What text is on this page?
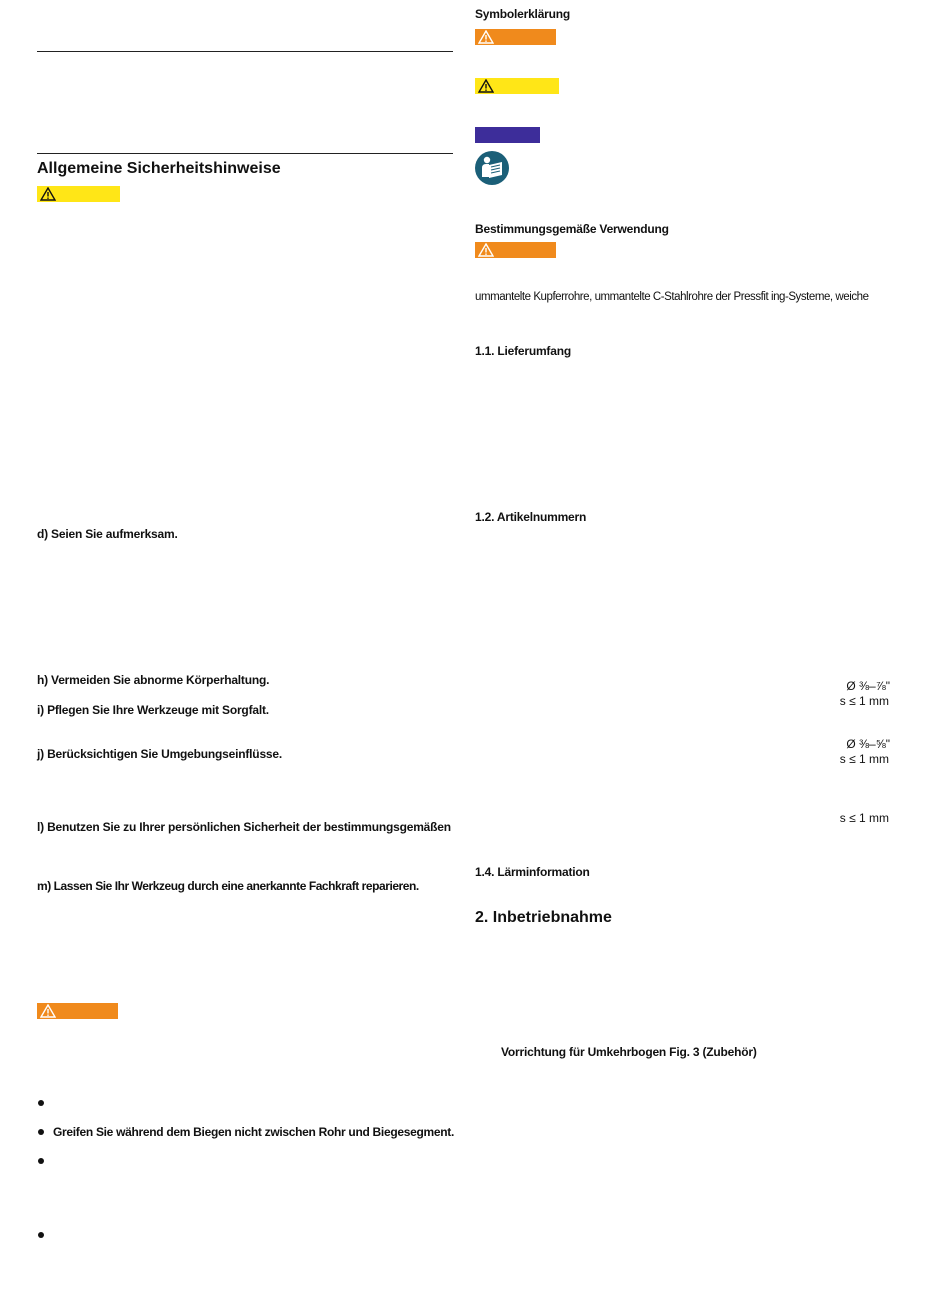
Allgemeine Sicherheitshinweise
d) Seien Sie aufmerksam.
h) Vermeiden Sie abnorme Körperhaltung.
i) Pflegen Sie Ihre Werkzeuge mit Sorgfalt.
j) Berücksichtigen Sie Umgebungseinflüsse.
l) Benutzen Sie zu Ihrer persönlichen Sicherheit der bestimmungsgemäßen
m) Lassen Sie Ihr Werkzeug durch eine anerkannte Fachkraft reparieren.
Greifen Sie während dem Biegen nicht zwischen Rohr und Biegesegment.
Symbolerklärung
Bestimmungsgemäße Verwendung
ummantelte Kupferrohre, ummantelte C-Stahlrohre der Pressfit ing-Systeme, weiche
1.1. Lieferumfang
1.2. Artikelnummern
Ø ⅜–⅞"
s ≤ 1 mm
Ø ⅜–⅝"
s ≤ 1 mm
s ≤ 1 mm
1.4. Lärminformation
2. Inbetriebnahme
Vorrichtung für Umkehrbogen Fig. 3 (Zubehör)
